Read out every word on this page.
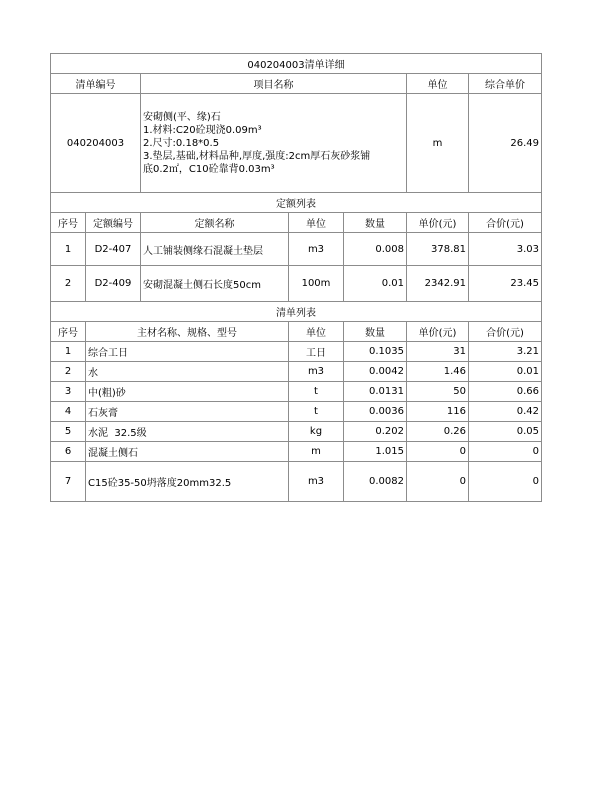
040204003清单详细						
清单编号		项目名称			单位	综合单价
040204003		安砌侧(平、缘)石
1.材料:C20砼现浇0.09m³
2.尺寸:0.18*0.5
3.垫层,基础,材料品种,厚度,强度:2cm厚石灰砂浆铺
底0.2㎡，C10砼靠背0.03m³			m	26.49
定额列表						
序号	定额编号	定额名称	单位	数量	单价(元)	合价(元)
1	D2-407	人工铺装侧缘石混凝土垫层	m3	0.008	378.81	3.03
2	D2-409	安砌混凝土侧石长度50cm	100m	0.01	2342.91	23.45
清单列表						
序号	主材名称、规格、型号		单位	数量	单价(元)	合价(元)
1	综合工日		工日	0.1035	31	3.21
2	水		m3	0.0042	1.46	0.01
3	中(粗)砂		t	0.0131	50	0.66
4	石灰膏		t	0.0036	116	0.42
5	水泥  32.5级		kg	0.202	0.26	0.05
6	混凝土侧石		m	1.015	0	0
7	C15砼35-50坍落度20mm32.5		m3	0.0082	0	0
